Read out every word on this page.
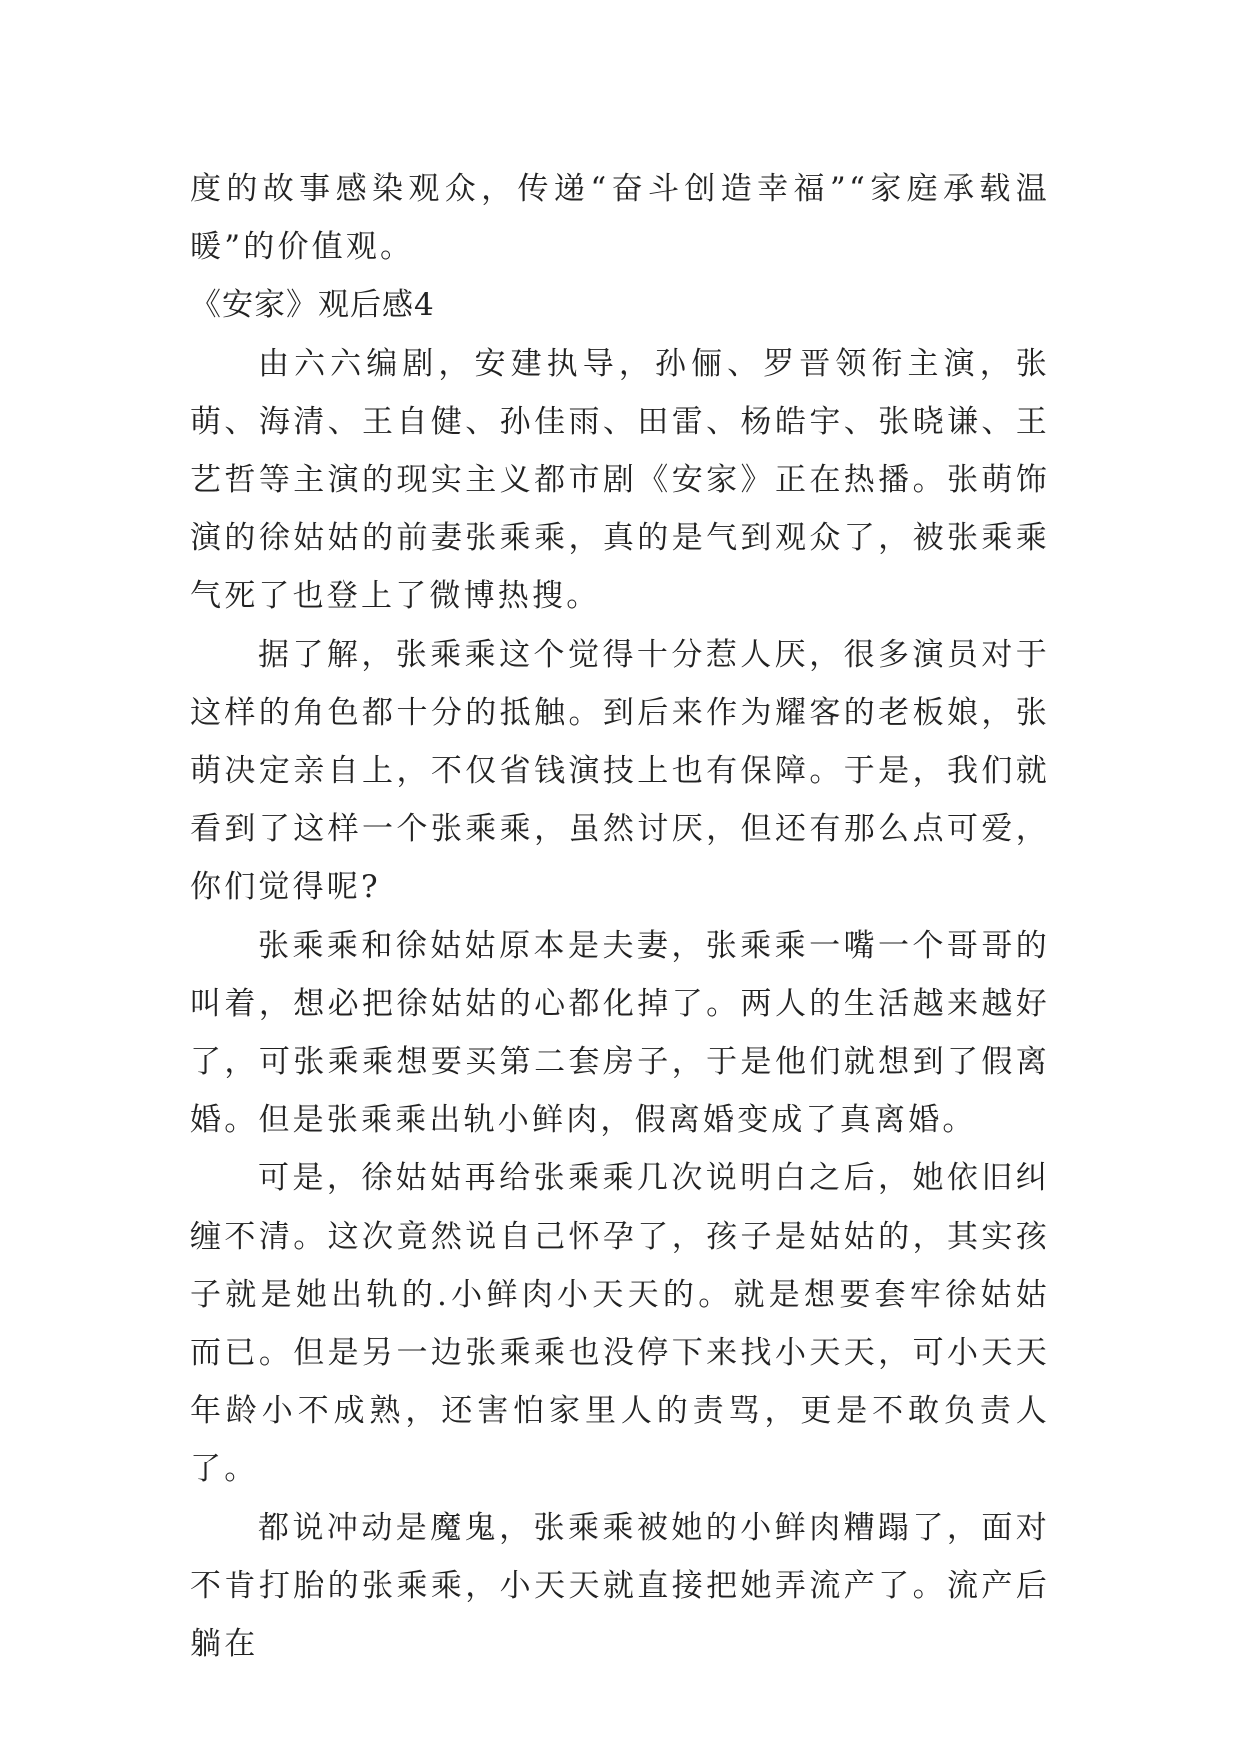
度的故事感染观众，传递“奋斗创造幸福”“家庭承载温暖”的价值观。

《安家》观后感4

由六六编剧，安建执导，孙俪、罗晋领衔主演，张萌、海清、王自健、孙佳雨、田雷、杨皓宇、张晓谦、王艺哲等主演的现实主义都市剧《安家》正在热播。张萌饰演的徐姑姑的前妻张乘乘，真的是气到观众了，被张乘乘气死了也登上了微博热搜。

据了解，张乘乘这个觉得十分惹人厌，很多演员对于这样的角色都十分的抵触。到后来作为耀客的老板娘，张萌决定亲自上，不仅省钱演技上也有保障。于是，我们就看到了这样一个张乘乘，虽然讨厌，但还有那么点可爱，你们觉得呢?

张乘乘和徐姑姑原本是夫妻，张乘乘一嘴一个哥哥的叫着，想必把徐姑姑的心都化掉了。两人的生活越来越好了，可张乘乘想要买第二套房子，于是他们就想到了假离婚。但是张乘乘出轨小鲜肉，假离婚变成了真离婚。

可是，徐姑姑再给张乘乘几次说明白之后，她依旧纠缠不清。这次竟然说自己怀孕了，孩子是姑姑的，其实孩子就是她出轨的.小鲜肉小天天的。就是想要套牢徐姑姑而已。但是另一边张乘乘也没停下来找小天天，可小天天年龄小不成熟，还害怕家里人的责骂，更是不敢负责人了。

都说冲动是魔鬼，张乘乘被她的小鲜肉糟蹋了，面对不肯打胎的张乘乘，小天天就直接把她弄流产了。流产后躺在
